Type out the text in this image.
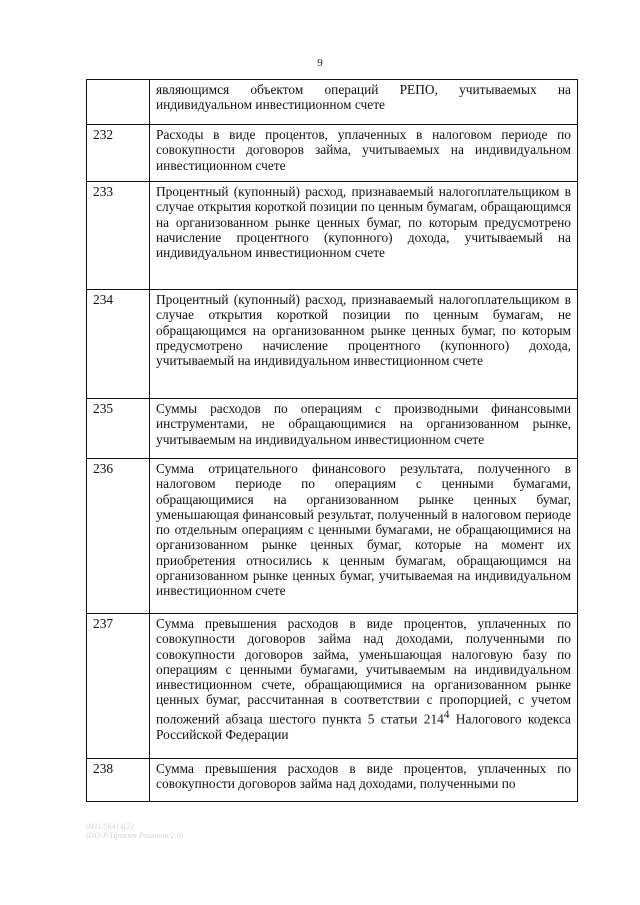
9
	являющимся объектом операций РЕПО, учитываемых на индивидуальном инвестиционном счете
232	Расходы в виде процентов, уплаченных в налоговом периоде по совокупности договоров займа, учитываемых на индивидуальном инвестиционном счете
233	Процентный (купонный) расход, признаваемый налогоплательщиком в случае открытия короткой позиции по ценным бумагам, обращающимся на организованном рынке ценных бумаг, по которым предусмотрено начисление процентного (купонного) дохода, учитываемый на индивидуальном инвестиционном счете
234	Процентный (купонный) расход, признаваемый налогоплательщиком в случае открытия короткой позиции по ценным бумагам, не обращающимся на организованном рынке ценных бумаг, по которым предусмотрено начисление процентного (купонного) дохода, учитываемый на индивидуальном инвестиционном счете
235	Суммы расходов по операциям с производными финансовыми инструментами, не обращающимися на организованном рынке, учитываемым на индивидуальном инвестиционном счете
236	Сумма отрицательного финансового результата, полученного в налоговом периоде по операциям с ценными бумагами, обращающимися на организованном рынке ценных бумаг, уменьшающая финансовый результат, полученный в налоговом периоде по отдельным операциям с ценными бумагами, не обращающимися на организованном рынке ценных бумаг, которые на момент их приобретения относились к ценным бумагам, обращающимся на организованном рынке ценных бумаг, учитываемая на индивидуальном инвестиционном счете
237	Сумма превышения расходов в виде процентов, уплаченных по совокупности договоров займа над доходами, полученными по совокупности договоров займа, уменьшающая налоговую базу по операциям с ценными бумагами, учитываемым на индивидуальном инвестиционном счете, обращающимися на организованном рынке ценных бумаг, рассчитанная в соответствии с пропорцией, с учетом положений абзаца шестого пункта 5 статьи $214^4$ Налогового кодекса Российской Федерации
238	Сумма превышения расходов в виде процентов, уплаченных по совокупности договоров займа над доходами, полученными по
0411/56414(2)
(ОО-Р/Проект Решения/2.0)
